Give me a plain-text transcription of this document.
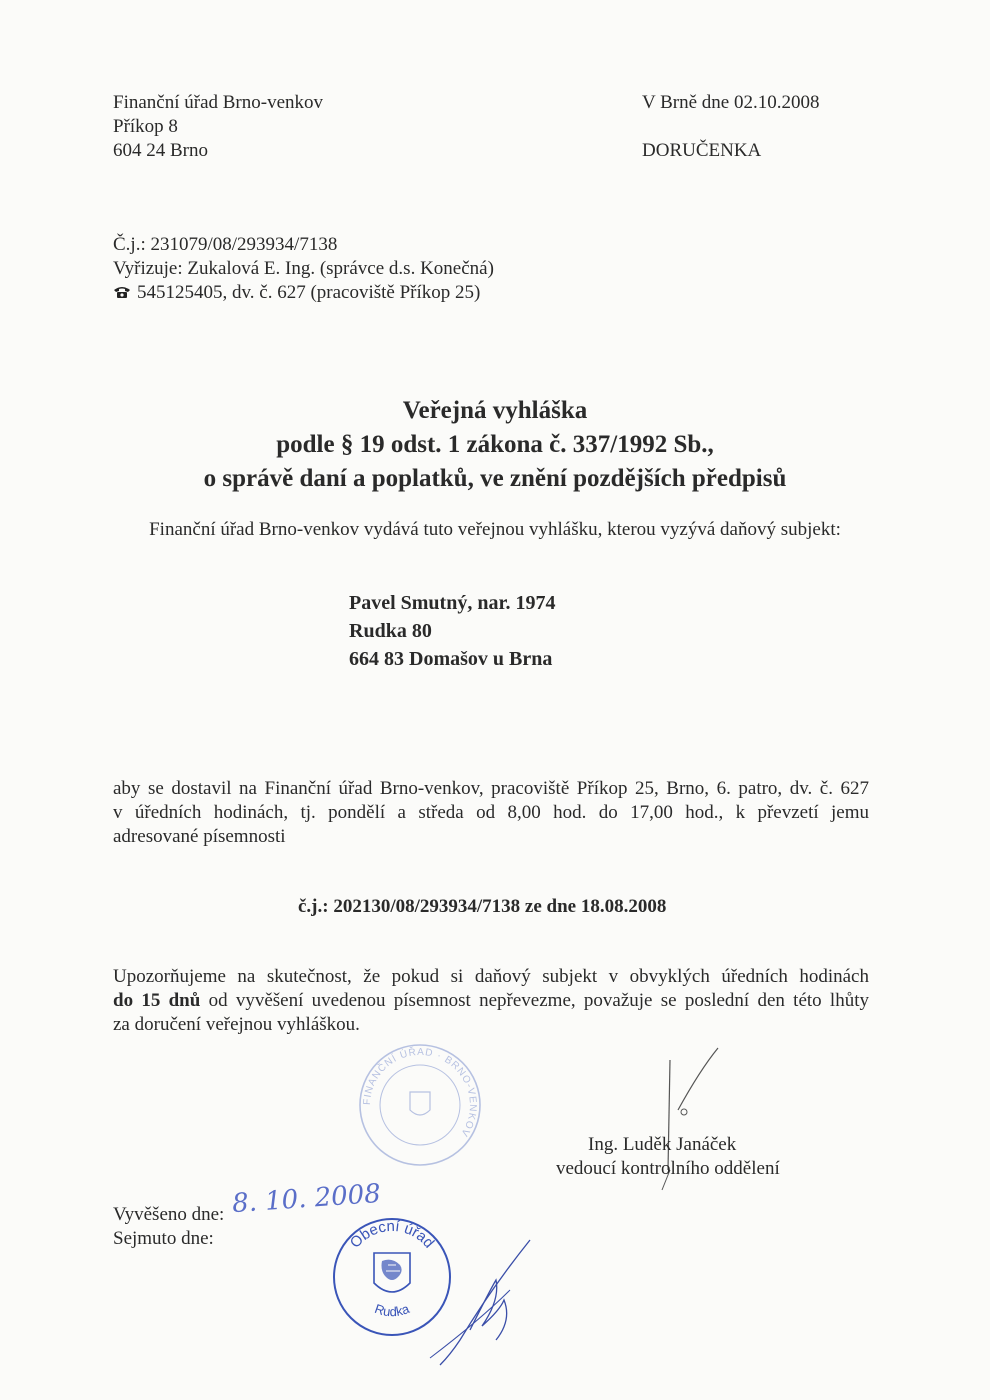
Finanční úřad Brno-venkov
Příkop 8
604 24 Brno
V Brně dne 02.10.2008
DORUČENKA
Č.j.: 231079/08/293934/7138
Vyřizuje: Zukalová E. Ing. (správce d.s. Konečná)
545125405, dv. č. 627 (pracoviště Příkop 25)
Veřejná vyhláška
podle § 19 odst. 1 zákona č. 337/1992 Sb.,
o správě daní a poplatků, ve znění pozdějších předpisů
Finanční úřad Brno-venkov vydává tuto veřejnou vyhlášku, kterou vyzývá daňový subjekt:
Pavel Smutný, nar. 1974
Rudka 80
664 83 Domašov u Brna
aby se dostavil na Finanční úřad Brno-venkov, pracoviště Příkop 25, Brno, 6. patro, dv. č. 627
v úředních hodinách, tj. pondělí a středa od 8,00 hod. do 17,00 hod., k převzetí jemu
adresované písemnosti
č.j.: 202130/08/293934/7138 ze dne 18.08.2008
Upozorňujeme na skutečnost, že pokud si daňový subjekt v obvyklých úředních hodinách
do 15 dnů od vyvěšení uvedenou písemnost nepřevezme, považuje se poslední den této lhůty
za doručení veřejnou vyhláškou.
FINANČNÍ ÚŘAD · BRNO-VENKOV
Ing. Luděk Janáček
vedoucí kontrolního oddělení
Vyvěšeno dne: 8. 10. 2008
Sejmuto dne:	Obecní úřad
Rudka
